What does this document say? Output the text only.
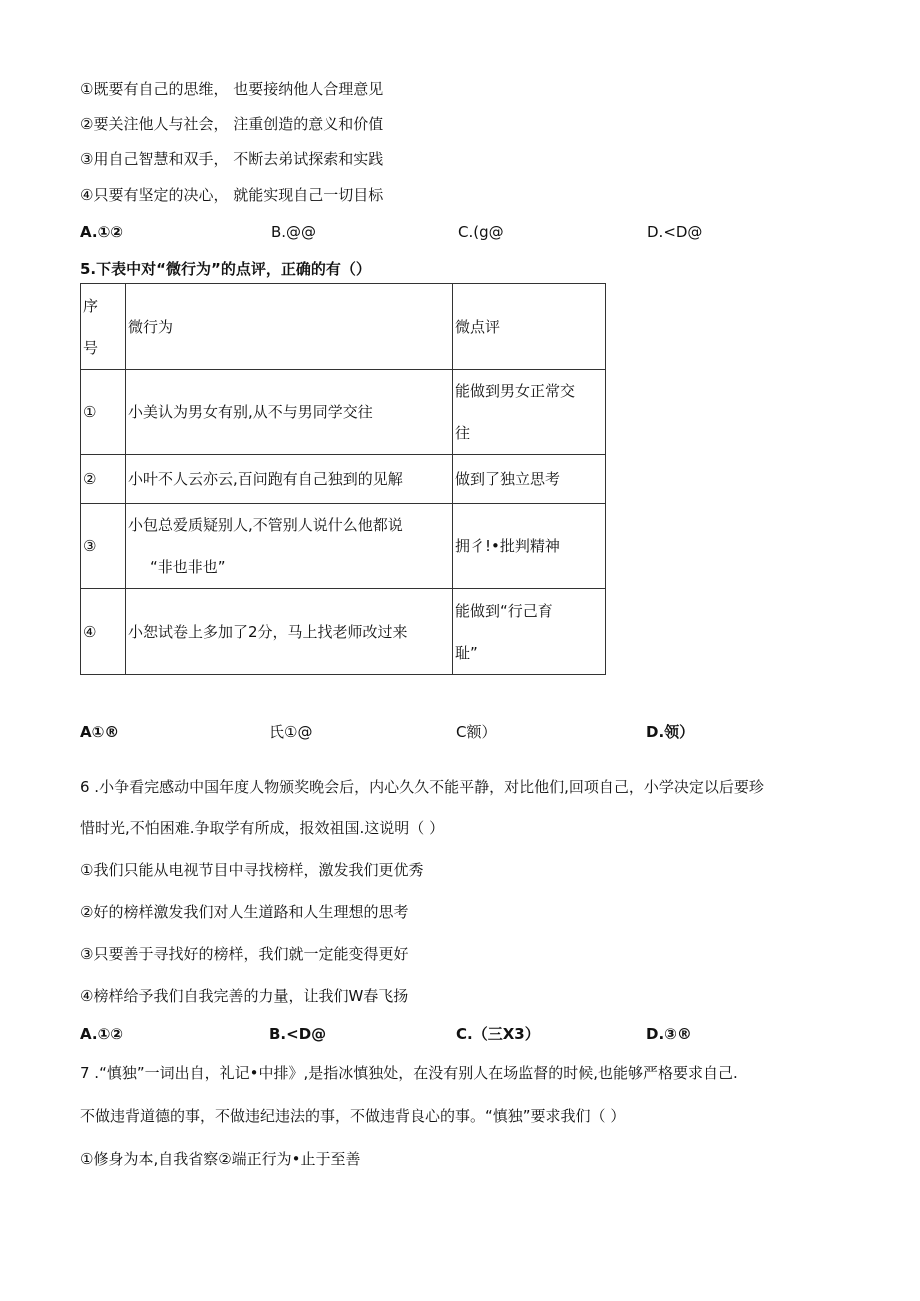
①既要有自己的思维， 也要接纳他人合理意见
②要关注他人与社会， 注重创造的意义和价值
③用自己智慧和双手， 不断去弟试探索和实践
④只要有坚定的决心， 就能实现自己一切目标
A.①②	B.@@	C.(g@	D.<D@
5.下表中对“微行为”的点评，正确的有（）
序
号	微行为	微点评
①	小美认为男女有别,从不与男同学交往	能做到男女正常交
往

②	小叶不人云亦云,百问跑有自己独到的见解	做到了独立思考
③	小包总爱质疑别人,不管别人说什么他都说
“非也非也”	拥彳!•批判精神
④	小恕试卷上多加了2分，马上找老师改过来	能做到“行己育
耻”
A①®	氏①@	C额）	D.领）
6 .小争看完感动中国年度人物颁奖晚会后，内心久久不能平静，对比他们,回项自己，小学决定以后要珍
惜时光,不怕困难.争取学有所成，报效祖国.这说明（ ）
①我们只能从电视节目中寻找榜样，激发我们更优秀
②好的榜样激发我们对人生道路和人生理想的思考
③只要善于寻找好的榜样，我们就一定能变得更好
④榜样给予我们自我完善的力量，让我们W春飞扬
A.①②	B.<D@	C.（三X3）	D.③®
7 .“慎独”一词出自，礼记•中排》,是指冰慎独处，在没有别人在场监督的时候,也能够严格要求自己.
不做违背道德的事，不做违纪违法的事，不做违背良心的事。“慎独”要求我们（ ）
①修身为本,自我省察②端正行为•止于至善
